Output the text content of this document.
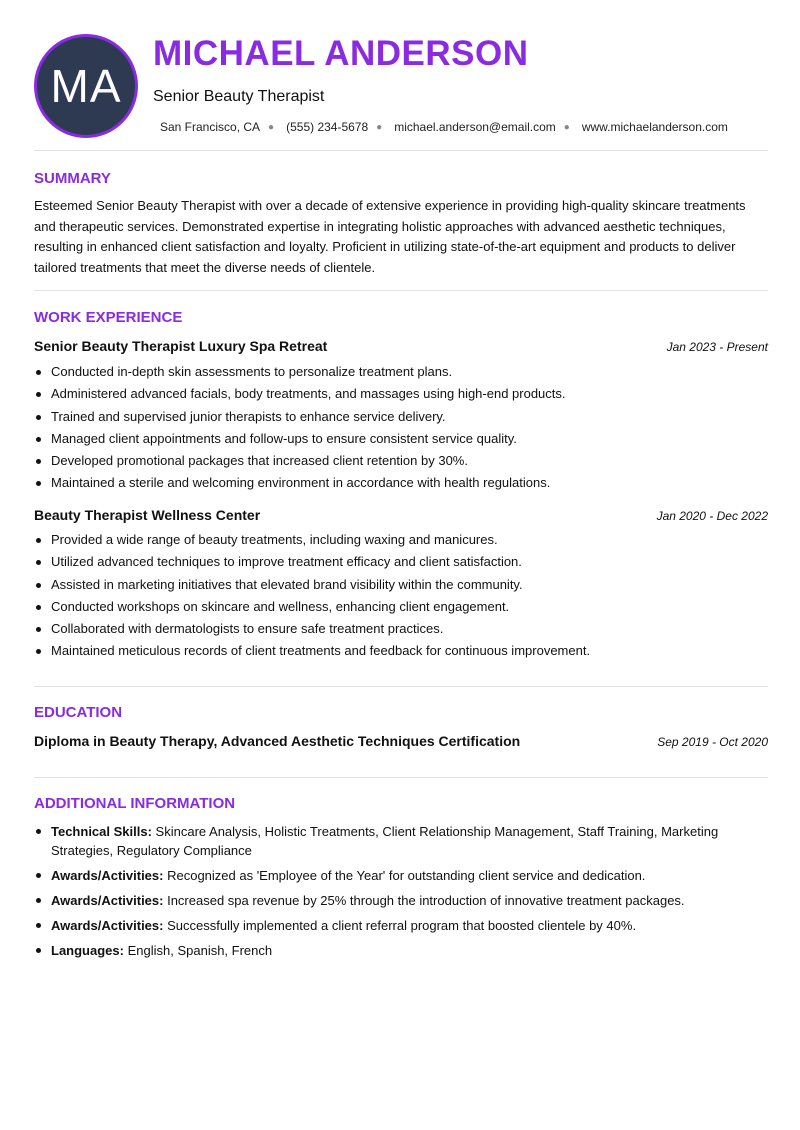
MA
MICHAEL ANDERSON
Senior Beauty Therapist
San Francisco, CA ● (555) 234-5678 ● michael.anderson@email.com ● www.michaelanderson.com
SUMMARY
Esteemed Senior Beauty Therapist with over a decade of extensive experience in providing high-quality skincare treatments and therapeutic services. Demonstrated expertise in integrating holistic approaches with advanced aesthetic techniques, resulting in enhanced client satisfaction and loyalty. Proficient in utilizing state-of-the-art equipment and products to deliver tailored treatments that meet the diverse needs of clientele.
WORK EXPERIENCE
Senior Beauty Therapist Luxury Spa Retreat	Jan 2023 - Present
Conducted in-depth skin assessments to personalize treatment plans.
Administered advanced facials, body treatments, and massages using high-end products.
Trained and supervised junior therapists to enhance service delivery.
Managed client appointments and follow-ups to ensure consistent service quality.
Developed promotional packages that increased client retention by 30%.
Maintained a sterile and welcoming environment in accordance with health regulations.
Beauty Therapist Wellness Center	Jan 2020 - Dec 2022
Provided a wide range of beauty treatments, including waxing and manicures.
Utilized advanced techniques to improve treatment efficacy and client satisfaction.
Assisted in marketing initiatives that elevated brand visibility within the community.
Conducted workshops on skincare and wellness, enhancing client engagement.
Collaborated with dermatologists to ensure safe treatment practices.
Maintained meticulous records of client treatments and feedback for continuous improvement.
EDUCATION
Diploma in Beauty Therapy, Advanced Aesthetic Techniques Certification	Sep 2019 - Oct 2020
ADDITIONAL INFORMATION
Technical Skills: Skincare Analysis, Holistic Treatments, Client Relationship Management, Staff Training, Marketing Strategies, Regulatory Compliance
Awards/Activities: Recognized as 'Employee of the Year' for outstanding client service and dedication.
Awards/Activities: Increased spa revenue by 25% through the introduction of innovative treatment packages.
Awards/Activities: Successfully implemented a client referral program that boosted clientele by 40%.
Languages: English, Spanish, French
